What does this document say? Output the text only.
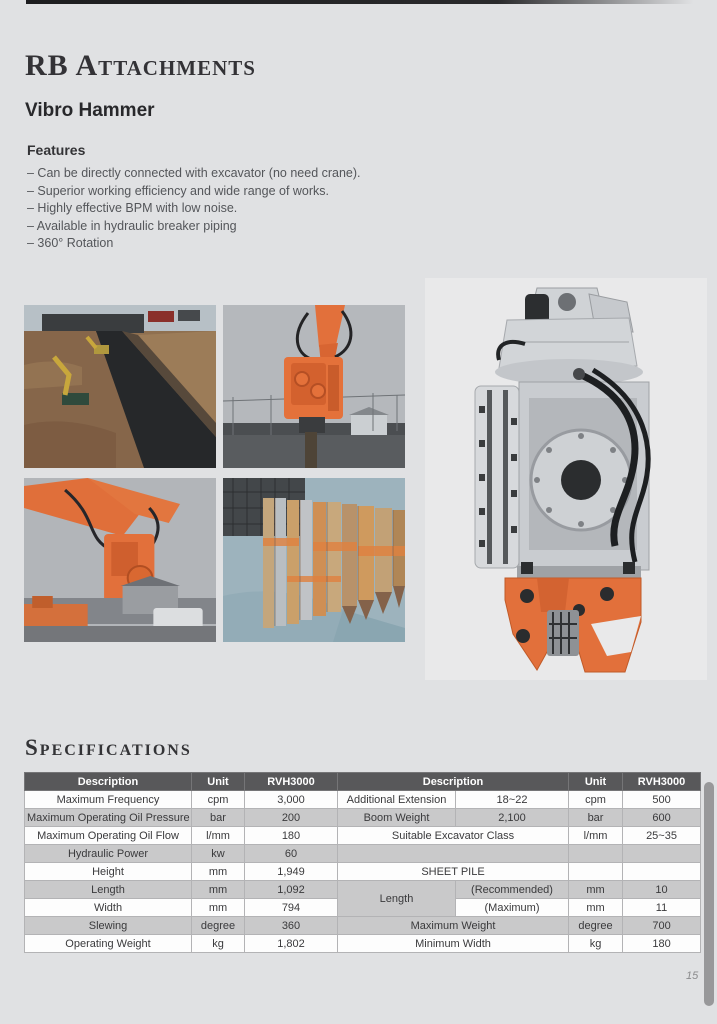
RB Attachments
Vibro Hammer
Features
– Can be directly connected with excavator (no need crane).
– Superior working efficiency and wide range of works.
– Highly effective BPM with low noise.
– Available in hydraulic breaker piping
– 360° Rotation
Specifications
Description	Unit	RVH3000	Description		Unit	RVH3000
Maximum Frequency	cpm	3,000	Additional Extension	18~22	cpm	500
Maximum Operating Oil Pressure	bar	200	Boom Weight	2,100	bar	600
Maximum Operating Oil Flow	l/mm	180	Suitable Excavator Class		l/mm	25~35
Hydraulic Power	kw	60				
Height	mm	1,949	SHEET PILE			
Length	mm	1,092	Length	(Recommended)	mm	10
Width	mm	794		(Maximum)	mm	11
Slewing	degree	360	Maximum Weight		degree	700
Operating Weight	kg	1,802	Minimum Width		kg	180
15
